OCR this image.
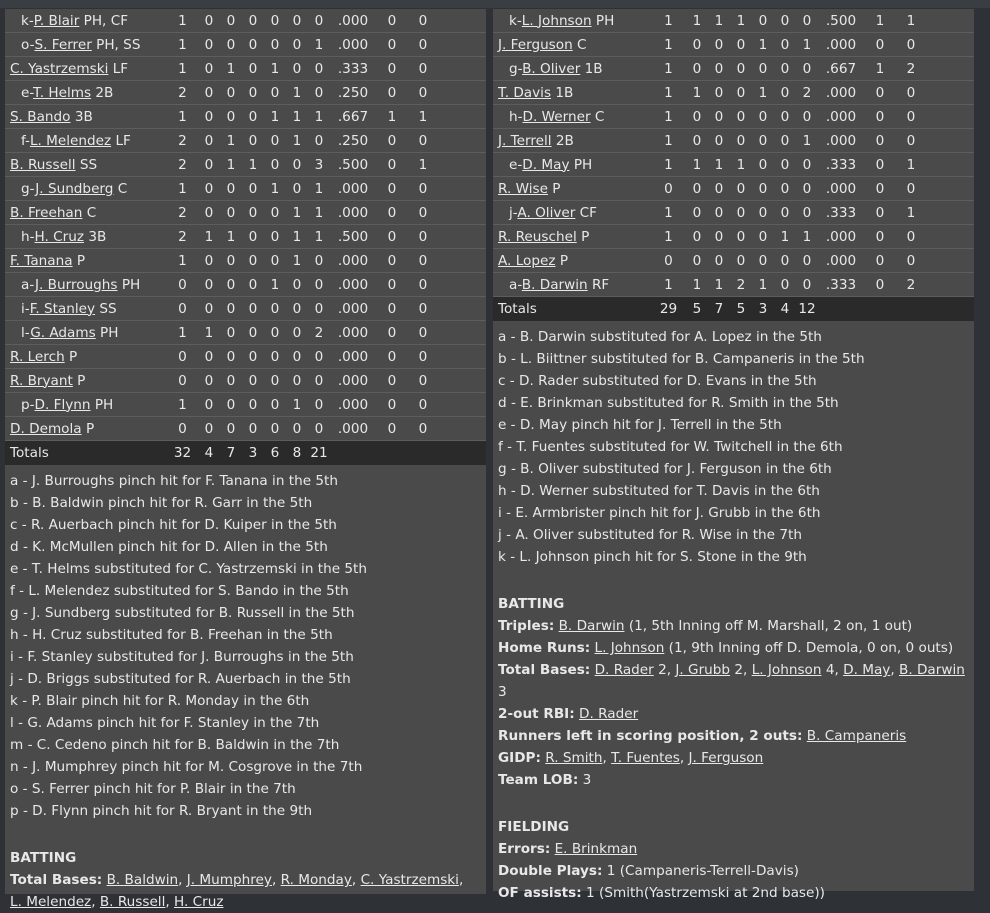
k-P. Blair PH, CF	1	0	0	0	0	0	0	.000	0	0	
o-S. Ferrer PH, SS	1	0	0	0	0	0	1	.000	0	0	
C. Yastrzemski LF	1	0	1	0	1	0	0	.333	0	0	
e-T. Helms 2B	2	0	0	0	0	1	0	.250	0	0	
S. Bando 3B	1	0	0	0	1	1	1	.667	1	1	
f-L. Melendez LF	2	0	1	0	0	1	0	.250	0	0	
B. Russell SS	2	0	1	1	0	0	3	.500	0	1	
g-J. Sundberg C	1	0	0	0	1	0	1	.000	0	0	
B. Freehan C	2	0	0	0	0	1	1	.000	0	0	
h-H. Cruz 3B	2	1	1	0	0	1	1	.500	0	0	
F. Tanana P	1	0	0	0	0	1	0	.000	0	0	
a-J. Burroughs PH	0	0	0	0	1	0	0	.000	0	0	
i-F. Stanley SS	0	0	0	0	0	0	0	.000	0	0	
l-G. Adams PH	1	1	0	0	0	0	2	.000	0	0	
R. Lerch P	0	0	0	0	0	0	0	.000	0	0	
R. Bryant P	0	0	0	0	0	0	0	.000	0	0	
p-D. Flynn PH	1	0	0	0	0	1	0	.000	0	0	
D. Demola P	0	0	0	0	0	0	0	.000	0	0	
Totals	32	4	7	3	6	8	21				
a - J. Burroughs pinch hit for F. Tanana in the 5th
b - B. Baldwin pinch hit for R. Garr in the 5th
c - R. Auerbach pinch hit for D. Kuiper in the 5th
d - K. McMullen pinch hit for D. Allen in the 5th
e - T. Helms substituted for C. Yastrzemski in the 5th
f - L. Melendez substituted for S. Bando in the 5th
g - J. Sundberg substituted for B. Russell in the 5th
h - H. Cruz substituted for B. Freehan in the 5th
i - F. Stanley substituted for J. Burroughs in the 5th
j - D. Briggs substituted for R. Auerbach in the 5th
k - P. Blair pinch hit for R. Monday in the 6th
l - G. Adams pinch hit for F. Stanley in the 7th
m - C. Cedeno pinch hit for B. Baldwin in the 7th
n - J. Mumphrey pinch hit for M. Cosgrove in the 7th
o - S. Ferrer pinch hit for P. Blair in the 7th
p - D. Flynn pinch hit for R. Bryant in the 9th
BATTING
Total Bases: B. Baldwin, J. Mumphrey, R. Monday, C. Yastrzemski, L. Melendez, B. Russell, H. Cruz
k-L. Johnson PH	1	1	1	1	0	0	0	.500	1	1	
J. Ferguson C	1	0	0	0	1	0	1	.000	0	0	
g-B. Oliver 1B	1	0	0	0	0	0	0	.667	1	2	
T. Davis 1B	1	1	0	0	1	0	2	.000	0	0	
h-D. Werner C	1	0	0	0	0	0	0	.000	0	0	
J. Terrell 2B	1	0	0	0	0	0	1	.000	0	0	
e-D. May PH	1	1	1	1	0	0	0	.333	0	1	
R. Wise P	0	0	0	0	0	0	0	.000	0	0	
j-A. Oliver CF	1	0	0	0	0	0	0	.333	0	1	
R. Reuschel P	1	0	0	0	0	1	1	.000	0	0	
A. Lopez P	0	0	0	0	0	0	0	.000	0	0	
a-B. Darwin RF	1	1	1	2	1	0	0	.333	0	2	
Totals	29	5	7	5	3	4	12				
a - B. Darwin substituted for A. Lopez in the 5th
b - L. Biittner substituted for B. Campaneris in the 5th
c - D. Rader substituted for D. Evans in the 5th
d - E. Brinkman substituted for R. Smith in the 5th
e - D. May pinch hit for J. Terrell in the 5th
f - T. Fuentes substituted for W. Twitchell in the 6th
g - B. Oliver substituted for J. Ferguson in the 6th
h - D. Werner substituted for T. Davis in the 6th
i - E. Armbrister pinch hit for J. Grubb in the 6th
j - A. Oliver substituted for R. Wise in the 7th
k - L. Johnson pinch hit for S. Stone in the 9th
BATTING
Triples: B. Darwin (1, 5th Inning off M. Marshall, 2 on, 1 out)
Home Runs: L. Johnson (1, 9th Inning off D. Demola, 0 on, 0 outs)
Total Bases: D. Rader 2, J. Grubb 2, L. Johnson 4, D. May, B. Darwin 3
2-out RBI: D. Rader
Runners left in scoring position, 2 outs: B. Campaneris
GIDP: R. Smith, T. Fuentes, J. Ferguson
Team LOB: 3
FIELDING
Errors: E. Brinkman
Double Plays: 1 (Campaneris-Terrell-Davis)
OF assists: 1 (Smith(Yastrzemski at 2nd base))
